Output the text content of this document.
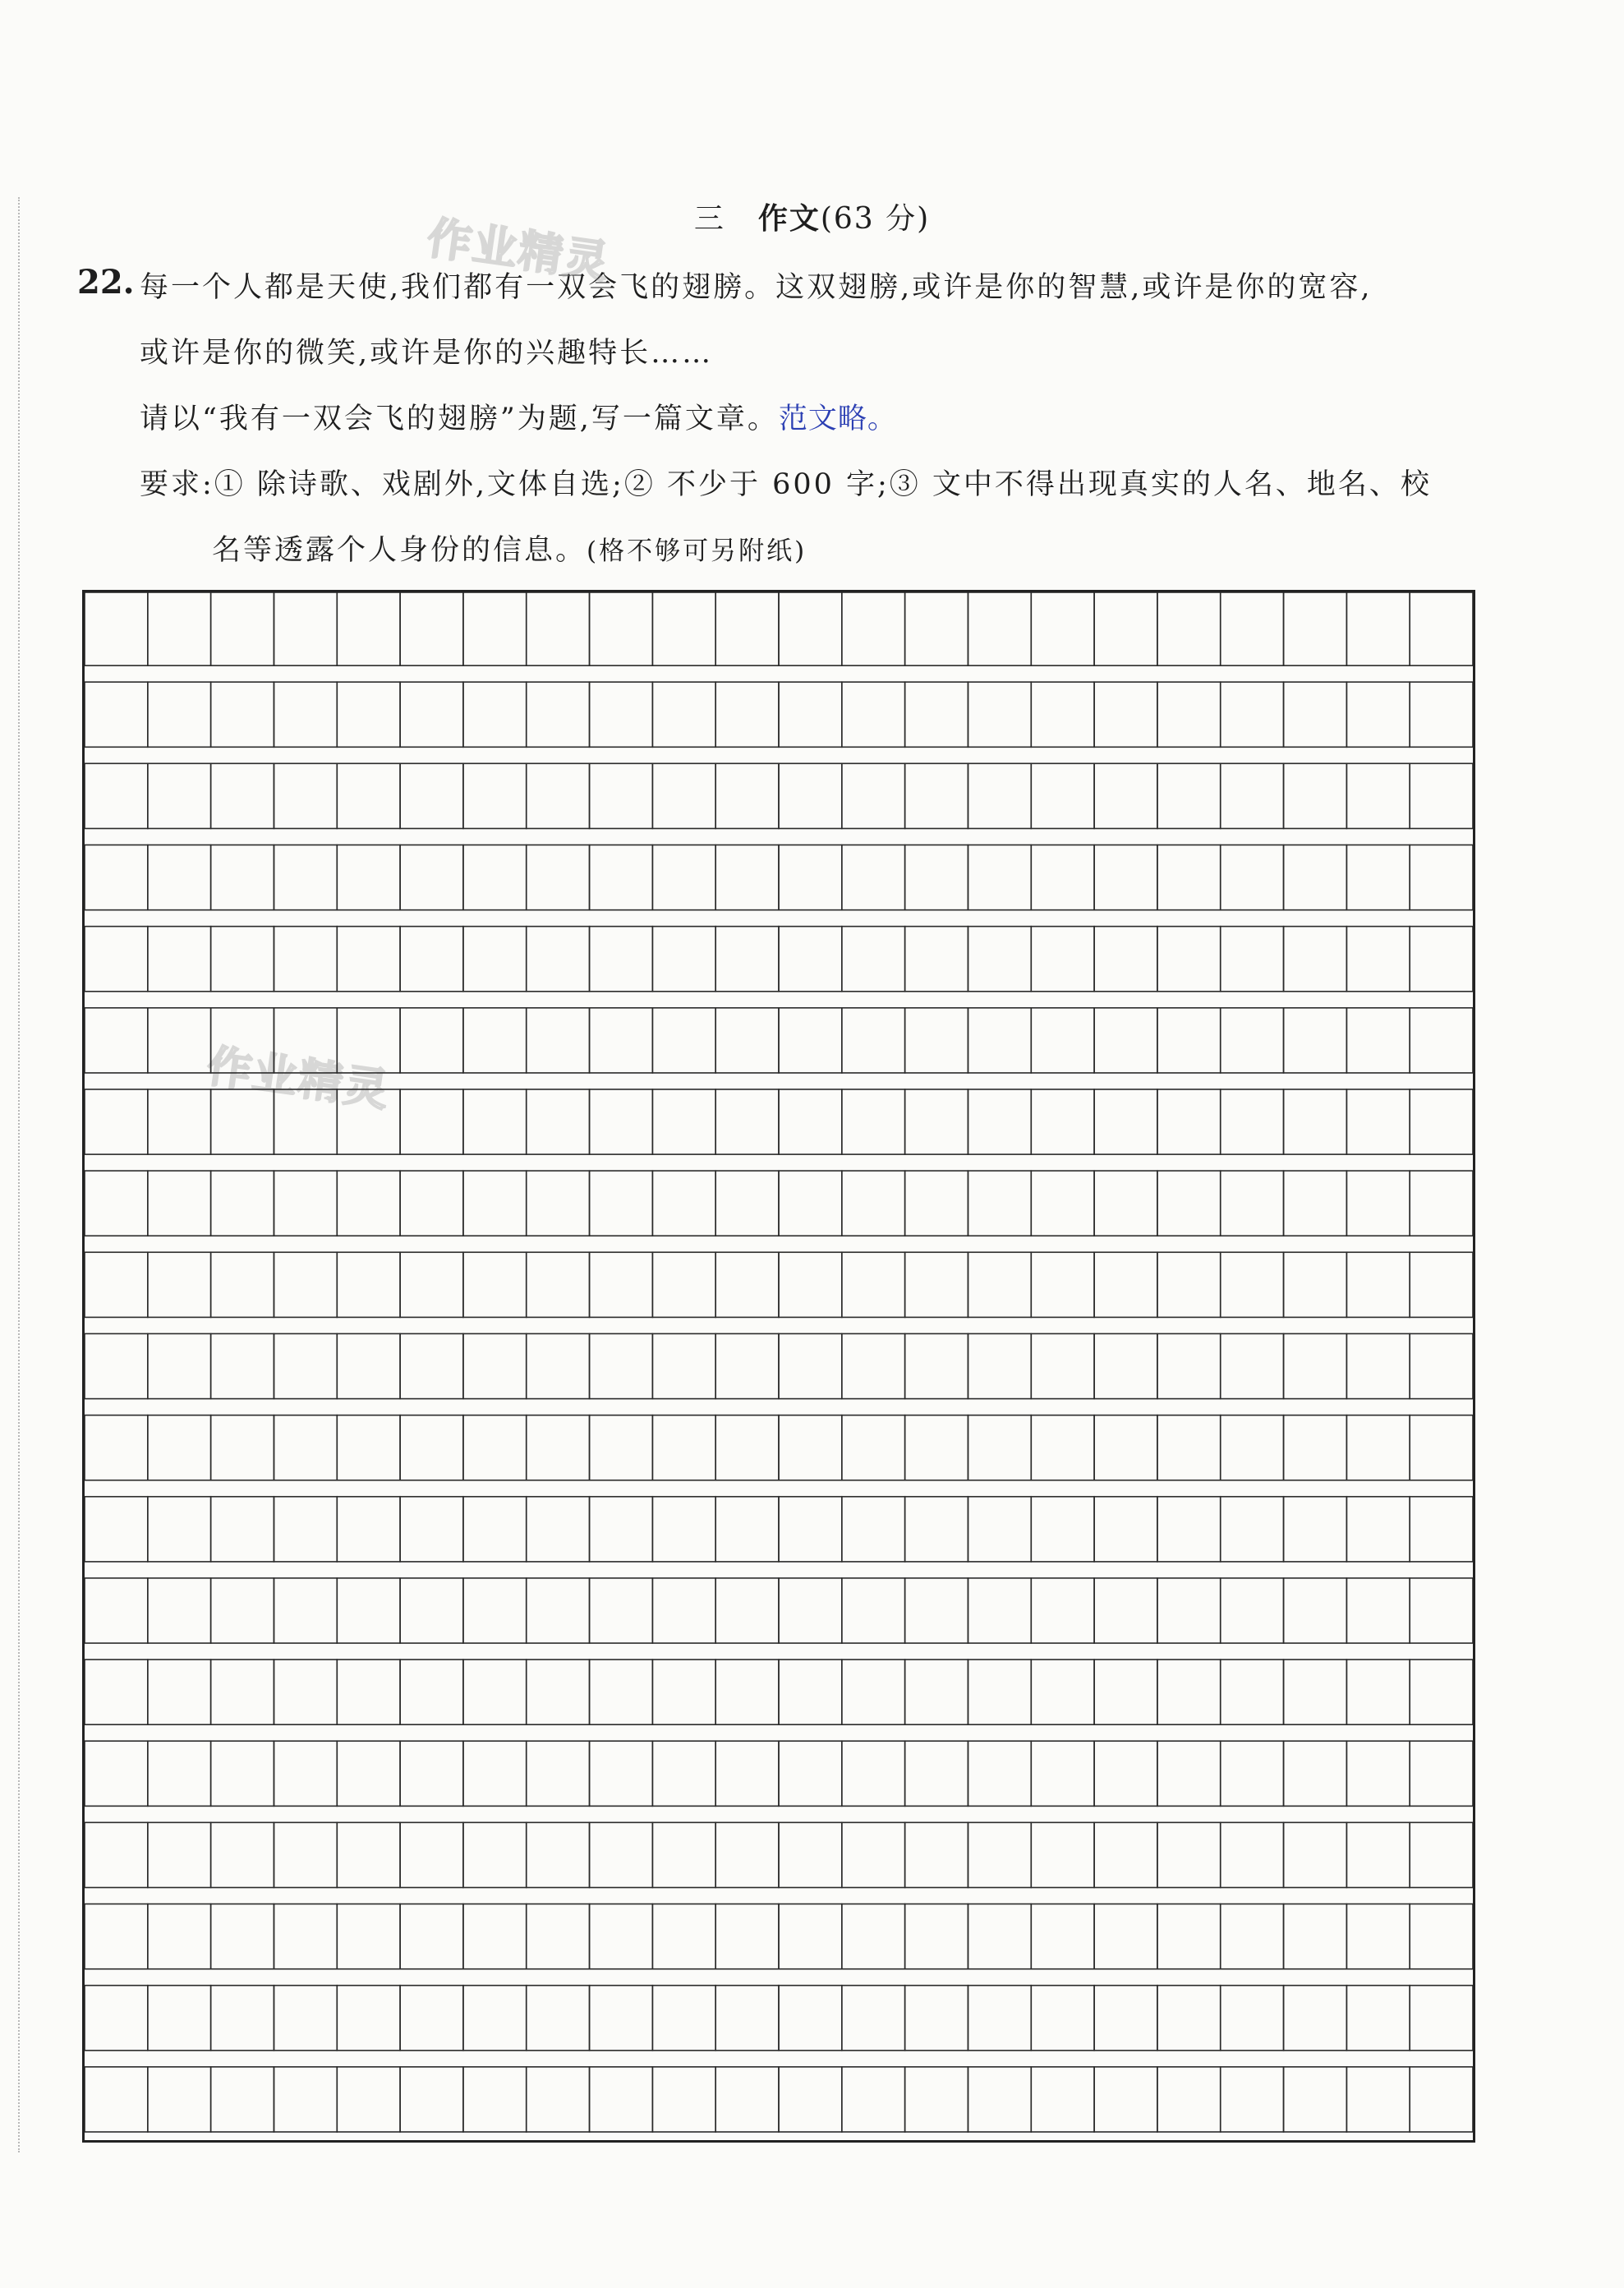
三 作文(63 分)
22. 每一个人都是天使,我们都有一双会飞的翅膀。这双翅膀,或许是你的智慧,或许是你的宽容,
或许是你的微笑,或许是你的兴趣特长……
请以“我有一双会飞的翅膀”为题,写一篇文章。范文略。
要求:① 除诗歌、戏剧外,文体自选;② 不少于 600 字;③ 文中不得出现真实的人名、地名、校
名等透露个人身份的信息。(格不够可另附纸)
作业精灵
作业精灵
